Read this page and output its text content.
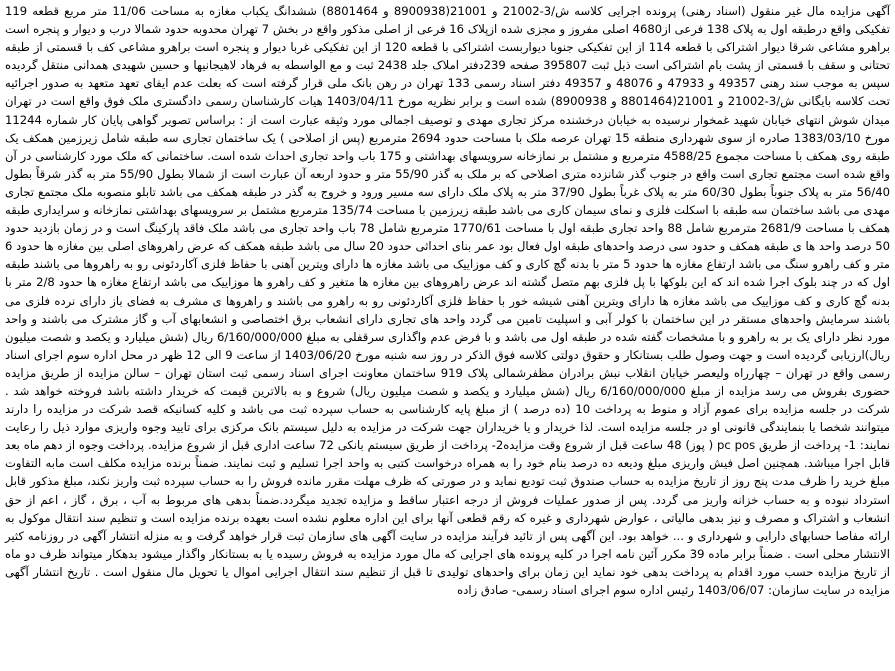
آگهی مزایده مال غیر منقول (اسناد رهنی) پرونده اجرایی کلاسه ش/3-21002 و 21001(8900938 و 8801464) ششدانگ یکباب مغازه به مساحت 11/06 متر مربع قطعه 119 تفکیکی واقع درطبقه اول به پلاک 138 فرعی از4680 اصلی مفروز و مجزی شده ازپلاک 16 فرعی از اصلی مذکور واقع در بخش 7 تهران محدوبه حدود شمالا درب و دیوار و پنجره است براهرو مشاعی شرقا دیوار اشتراکی با قطعه 114 از این تفکیکی جنوبا دیواربست اشتراکی با قطعه 120 از این تفکیکی غربا دیوار و پنجره است براهرو مشاعی کف با قسمتی از طبقه تحتانی و سقف با قسمتی از پشت بام اشتراکی است ذیل ثبت 395807 صفحه 239دفتر املاک جلد 2438 ثبت و مع الواسطه به فرهاد لاهیجانیها و حسین شهیدی همدانی منتقل گردیده سپس به موجب سند رهنی 49357 و 47933 و 48076 و 49357 دفتر اسناد رسمی 133 تهران در رهن بانک ملی قرار گرفته است که بعلت عدم ایفای تعهد متعهد به صدور اجرائیه تحت کلاسه بایگانی ش/3-21002 و 21001(8801464 و 8900938) شده است و برابر نظریه مورخ 1403/04/11 هیات کارشناسان رسمی دادگستری ملک فوق واقع است در تهران میدان شوش انتهای خیابان شهید غمخوار نرسیده به خیابان درخشنده مرکز تجاری مهدی و توصیف اجمالی مورد وثیقه عبارت است از : براساس تصویر گواهی پایان کار شماره 11244 مورخ 1383/03/10 صادره از سوی شهرداری منطقه 15 تهران عرصه ملک با مساحت حدود 2694 مترمربع (پس از اصلاحی ) یک ساختمان تجاری سه طبقه شامل زیرزمین همکف یک طبقه روی همکف با مساحت مجموع 4588/25 مترمربع و مشتمل بر نمازخانه سرویسهای بهداشتی و 175 باب واحد تجاری احداث شده است. ساختمانی که ملک مورد کارشناسی در آن واقع شده است مجتمع تجاری است واقع در جنوب گذر شانزده متری اصلاحی که بر ملک به گذر 55/90 متر و حدود اربعه آن عبارت است از شمالا بطول 55/90 متر به گذر شرقاً بطول 56/40 متر به پلاک جنوباً بطول 60/30 متر به پلاک غرباً بطول 37/90 متر به پلاک ملک دارای سه مسیر ورود و خروج به گذر در طبقه همکف می باشد تابلو منصوبه ملک مجتمع تجاری مهدی می باشد ساختمان سه طبقه با اسکلت فلزی و نمای سیمان کاری می باشد طبقه زیرزمین با مساحت 135/74 مترمربع مشتمل بر سرویسهای بهداشتی نمازخانه و سرایداری طبقه همکف با مساحت 2681/9 مترمربع شامل 88 واحد تجاری طبقه اول با مساحت 1770/61 مترمربع شامل 78 باب واحد تجاری می باشد ملک فاقد پارکینگ است و در زمان بازدید حدود 50 درصد واحد ها ی طبقه همکف و حدود سی درصد واحدهای طبقه اول فعال بود عمر بنای احداثی حدود 20 سال می باشد طبقه همکف که عرض راهروهای اصلی بین مغازه ها حدود 6 متر و کف راهرو سنگ می باشد ارتفاع مغازه ها حدود 5 متر با بدنه گچ کاری و کف موزاییک می باشد مغازه ها دارای ویترین آهنی با حفاظ فلزی آکاردئونی رو به راهروها می باشند طبقه اول که در چند بلوک اجرا شده اند که این بلوکها با پل فلزی بهم متصل گشته اند عرض راهروهای بین مغازه ها متغیر و کف راهرو ها موزاییک می باشد ارتفاع مغازه ها حدود 2/8 متر با بدنه گچ کاری و کف موزاییک می باشد مغازه ها دارای ویترین آهنی شیشه خور با حفاظ فلزی آکاردئونی رو به راهرو می باشند و راهروها ی مشرف به فضای باز دارای نرده فلزی می باشند سرمایش واحدهای مستقر در این ساختمان با کولر آبی و اسپلیت تامین می گردد واحد های تجاری دارای انشعاب برق اختصاصی و انشعابهای آب و گاز مشترک می باشند و واحد مورد نظر دارای یک بر به راهرو و با مشخصات گفته شده در طبقه اول می باشد و با فرض عدم واگذاری سرقفلی به مبلغ 6/160/000/000 ریال (شش میلیارد و یکصد و شصت میلیون ریال)ارزیابی گردیده است و جهت وصول طلب بستانکار و حقوق دولتی کلاسه فوق الذکر در روز سه شنبه مورخ 1403/06/20 از ساعت 9 الی 12 ظهر در محل اداره سوم اجرای اسناد رسمی واقع در تهران – چهارراه ولیعصر خیابان انقلاب نبش برادران مظفرشمالی پلاک 919 ساختمان معاونت اجرای اسناد رسمی ثبت استان تهران – سالن مزایده از طریق مزایده حضوری بفروش می رسد مزایده از مبلغ 6/160/000/000 ریال (شش میلیارد و یکصد و شصت میلیون ریال) شروع و به بالاترین قیمت که خریدار داشته باشد فروخته خواهد شد . شرکت در جلسه مزایده برای عموم آزاد و منوط به پرداخت 10 (ده درصد ) از مبلغ پایه کارشناسی به حساب سپرده ثبت می باشد و کلیه کسانیکه قصد شرکت در مزایده را دارند میتوانند شخصا یا بنمایندگی قانونی او در جلسه مزایده است. لذا خریدار و یا خریداران جهت شرکت در مزایده به دلیل سیستم بانک مرکزی برای تایید وجوه واریزی موارد ذیل را رعایت نمایند: 1- پرداخت از طریق pc pos ( پوز) 48 ساعت قبل از شروع وقت مزایده2- پرداخت از طریق سیستم بانکی 72 ساعت اداری قبل از شروع مزایده. پرداخت وجوه از دهم ماه بعد قابل اجرا میباشد. همچنین اصل فیش واریزی مبلغ ودیعه ده درصد بنام خود را به همراه درخواست کتبی به واحد اجرا تسلیم و ثبت نمایند. ضمناً برنده مزایده مکلف است مابه التفاوت مبلغ خرید را ظرف مدت پنج روز از تاریخ مزایده به حساب صندوق ثبت تودیع نماید و در صورتی که ظرف مهلت مقرر مانده فروش را به حساب سپرده ثبت واریز نکند، مبلغ مذکور قابل استرداد نبوده و به حساب خزانه واریز می گردد. پس از صدور عملیات فروش از درجه اعتبار ساقط و مزایده تجدید میگردد.ضمناً بدهی های مربوط به آب ، برق ، گاز ، اعم از حق انشعاب و اشتراک و مصرف و نیز بدهی مالیاتی ، عوارض شهرداری و غیره که رقم قطعی آنها برای این اداره معلوم نشده است بعهده برنده مزایده است و تنظیم سند انتقال موکول به ارائه مفاصا حسابهای دارایی و شهرداری و ... خواهد بود. این آگهی پس از تائید فرآیند مزایده در سایت آگهی های سازمان ثبت قرار خواهد گرفت و به منزله انتشار آگهی در روزنامه کثیر الانتشار محلی است . ضمناً برابر ماده 39 مکرر آئین نامه اجرا در کلیه پرونده های اجرایی که مال مورد مزایده به فروش رسیده یا به بستانکار واگذار میشود بدهکار میتواند ظرف دو ماه از تاریخ مزایده حسب مورد اقدام به پرداخت بدهی خود نماید این زمان برای واحدهای تولیدی تا قبل از تنظیم سند انتقال اجرایی اموال یا تحویل مال منقول است . تاریخ انتشار آگهی مزایده در سایت سازمان: 1403/06/07 رئیس اداره سوم اجرای اسناد رسمی- صادق زاده
